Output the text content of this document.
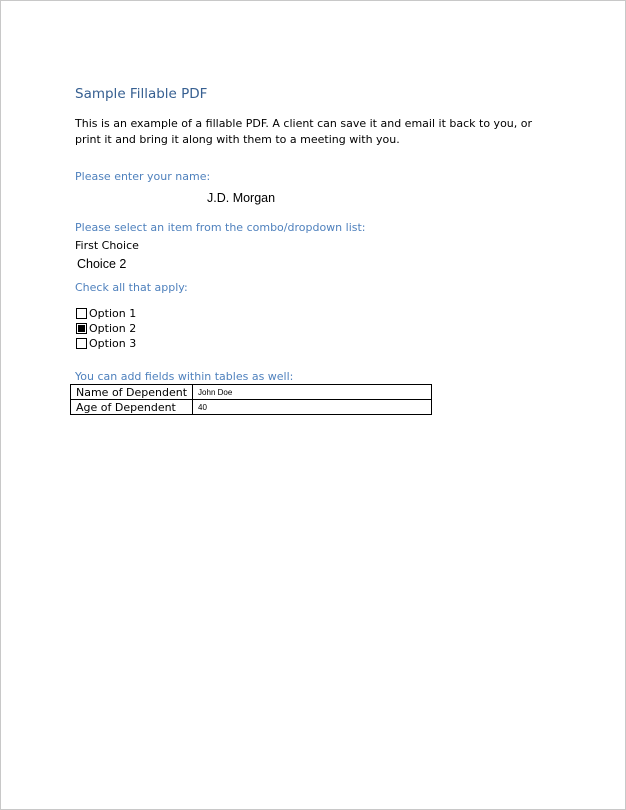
Sample Fillable PDF
This is an example of a fillable PDF. A client can save it and email it back to you, or print it and bring it along with them to a meeting with you.
Please enter your name:
J.D. Morgan
Please select an item from the combo/dropdown list:
First Choice
Choice 2
Check all that apply:
Option 1
Option 2
Option 3
You can add fields within tables as well:
Name of Dependent	John Doe
Age of Dependent	40
